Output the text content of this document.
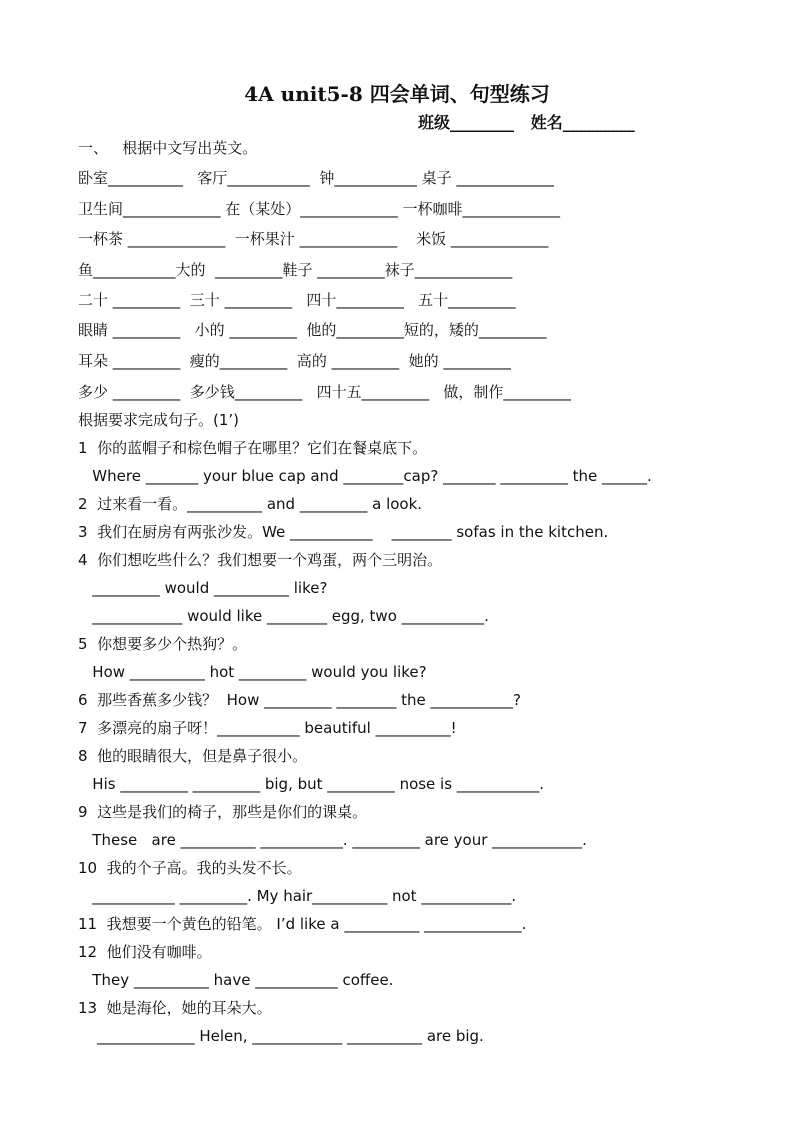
4A unit5-8 四会单词、句型练习
班级________   姓名_________
一、   根据中文写出英文。
卧室__________   客厅___________  钟___________ 桌子 _____________
卫生间_____________ 在（某处）_____________ 一杯咖啡_____________
一杯茶 _____________  一杯果汁 _____________    米饭 _____________
鱼___________大的  _________鞋子 _________袜子_____________
二十 _________  三十 _________   四十_________   五十_________
眼睛 _________   小的 _________  他的_________短的，矮的_________
耳朵 _________  瘦的_________  高的 _________  她的 _________
多少 _________  多少钱_________   四十五_________   做，制作_________
根据要求完成句子。(1’)
1  你的蓝帽子和棕色帽子在哪里？它们在餐桌底下。
Where _______ your blue cap and ________cap? _______ _________ the ______.
2  过来看一看。__________ and _________ a look.
3  我们在厨房有两张沙发。We ___________    ________ sofas in the kitchen.
4  你们想吃些什么？我们想要一个鸡蛋，两个三明治。
_________ would __________ like?
____________ would like ________ egg, two ___________.
5  你想要多少个热狗？。
How __________ hot _________ would you like?
6  那些香蕉多少钱？  How _________ ________ the ___________?
7  多漂亮的扇子呀！___________ beautiful __________!
8  他的眼睛很大，但是鼻子很小。
His _________ _________ big, but _________ nose is ___________.
9  这些是我们的椅子，那些是你们的课桌。
These   are __________ ___________. _________ are your ____________.
10  我的个子高。我的头发不长。
___________ _________. My hair__________ not ____________.
11  我想要一个黄色的铅笔。 I’d like a __________ _____________.
12  他们没有咖啡。
They __________ have ___________ coffee.
13  她是海伦，她的耳朵大。
_____________ Helen, ____________ __________ are big.
